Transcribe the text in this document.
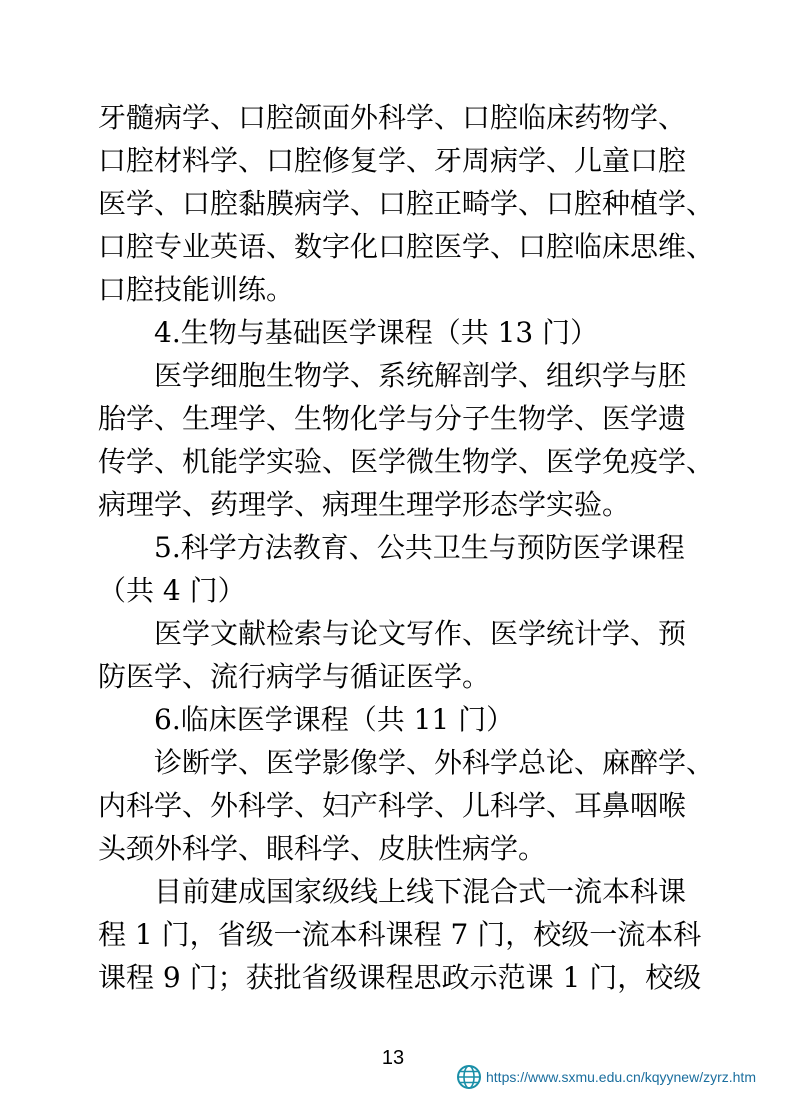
牙髓病学、口腔颌面外科学、口腔临床药物学、
口腔材料学、口腔修复学、牙周病学、儿童口腔
医学、口腔黏膜病学、口腔正畸学、口腔种植学、
口腔专业英语、数字化口腔医学、口腔临床思维、
口腔技能训练。
4.生物与基础医学课程（共 13 门）
医学细胞生物学、系统解剖学、组织学与胚
胎学、生理学、生物化学与分子生物学、医学遗
传学、机能学实验、医学微生物学、医学免疫学、
病理学、药理学、病理生理学形态学实验。
5.科学方法教育、公共卫生与预防医学课程
（共 4 门）
医学文献检索与论文写作、医学统计学、预
防医学、流行病学与循证医学。
6.临床医学课程（共 11 门）
诊断学、医学影像学、外科学总论、麻醉学、
内科学、外科学、妇产科学、儿科学、耳鼻咽喉
头颈外科学、眼科学、皮肤性病学。
目前建成国家级线上线下混合式一流本科课
程 1 门，省级一流本科课程 7 门，校级一流本科
课程 9 门；获批省级课程思政示范课 1 门，校级
13
https://www.sxmu.edu.cn/kqyynew/zyrz.htm
